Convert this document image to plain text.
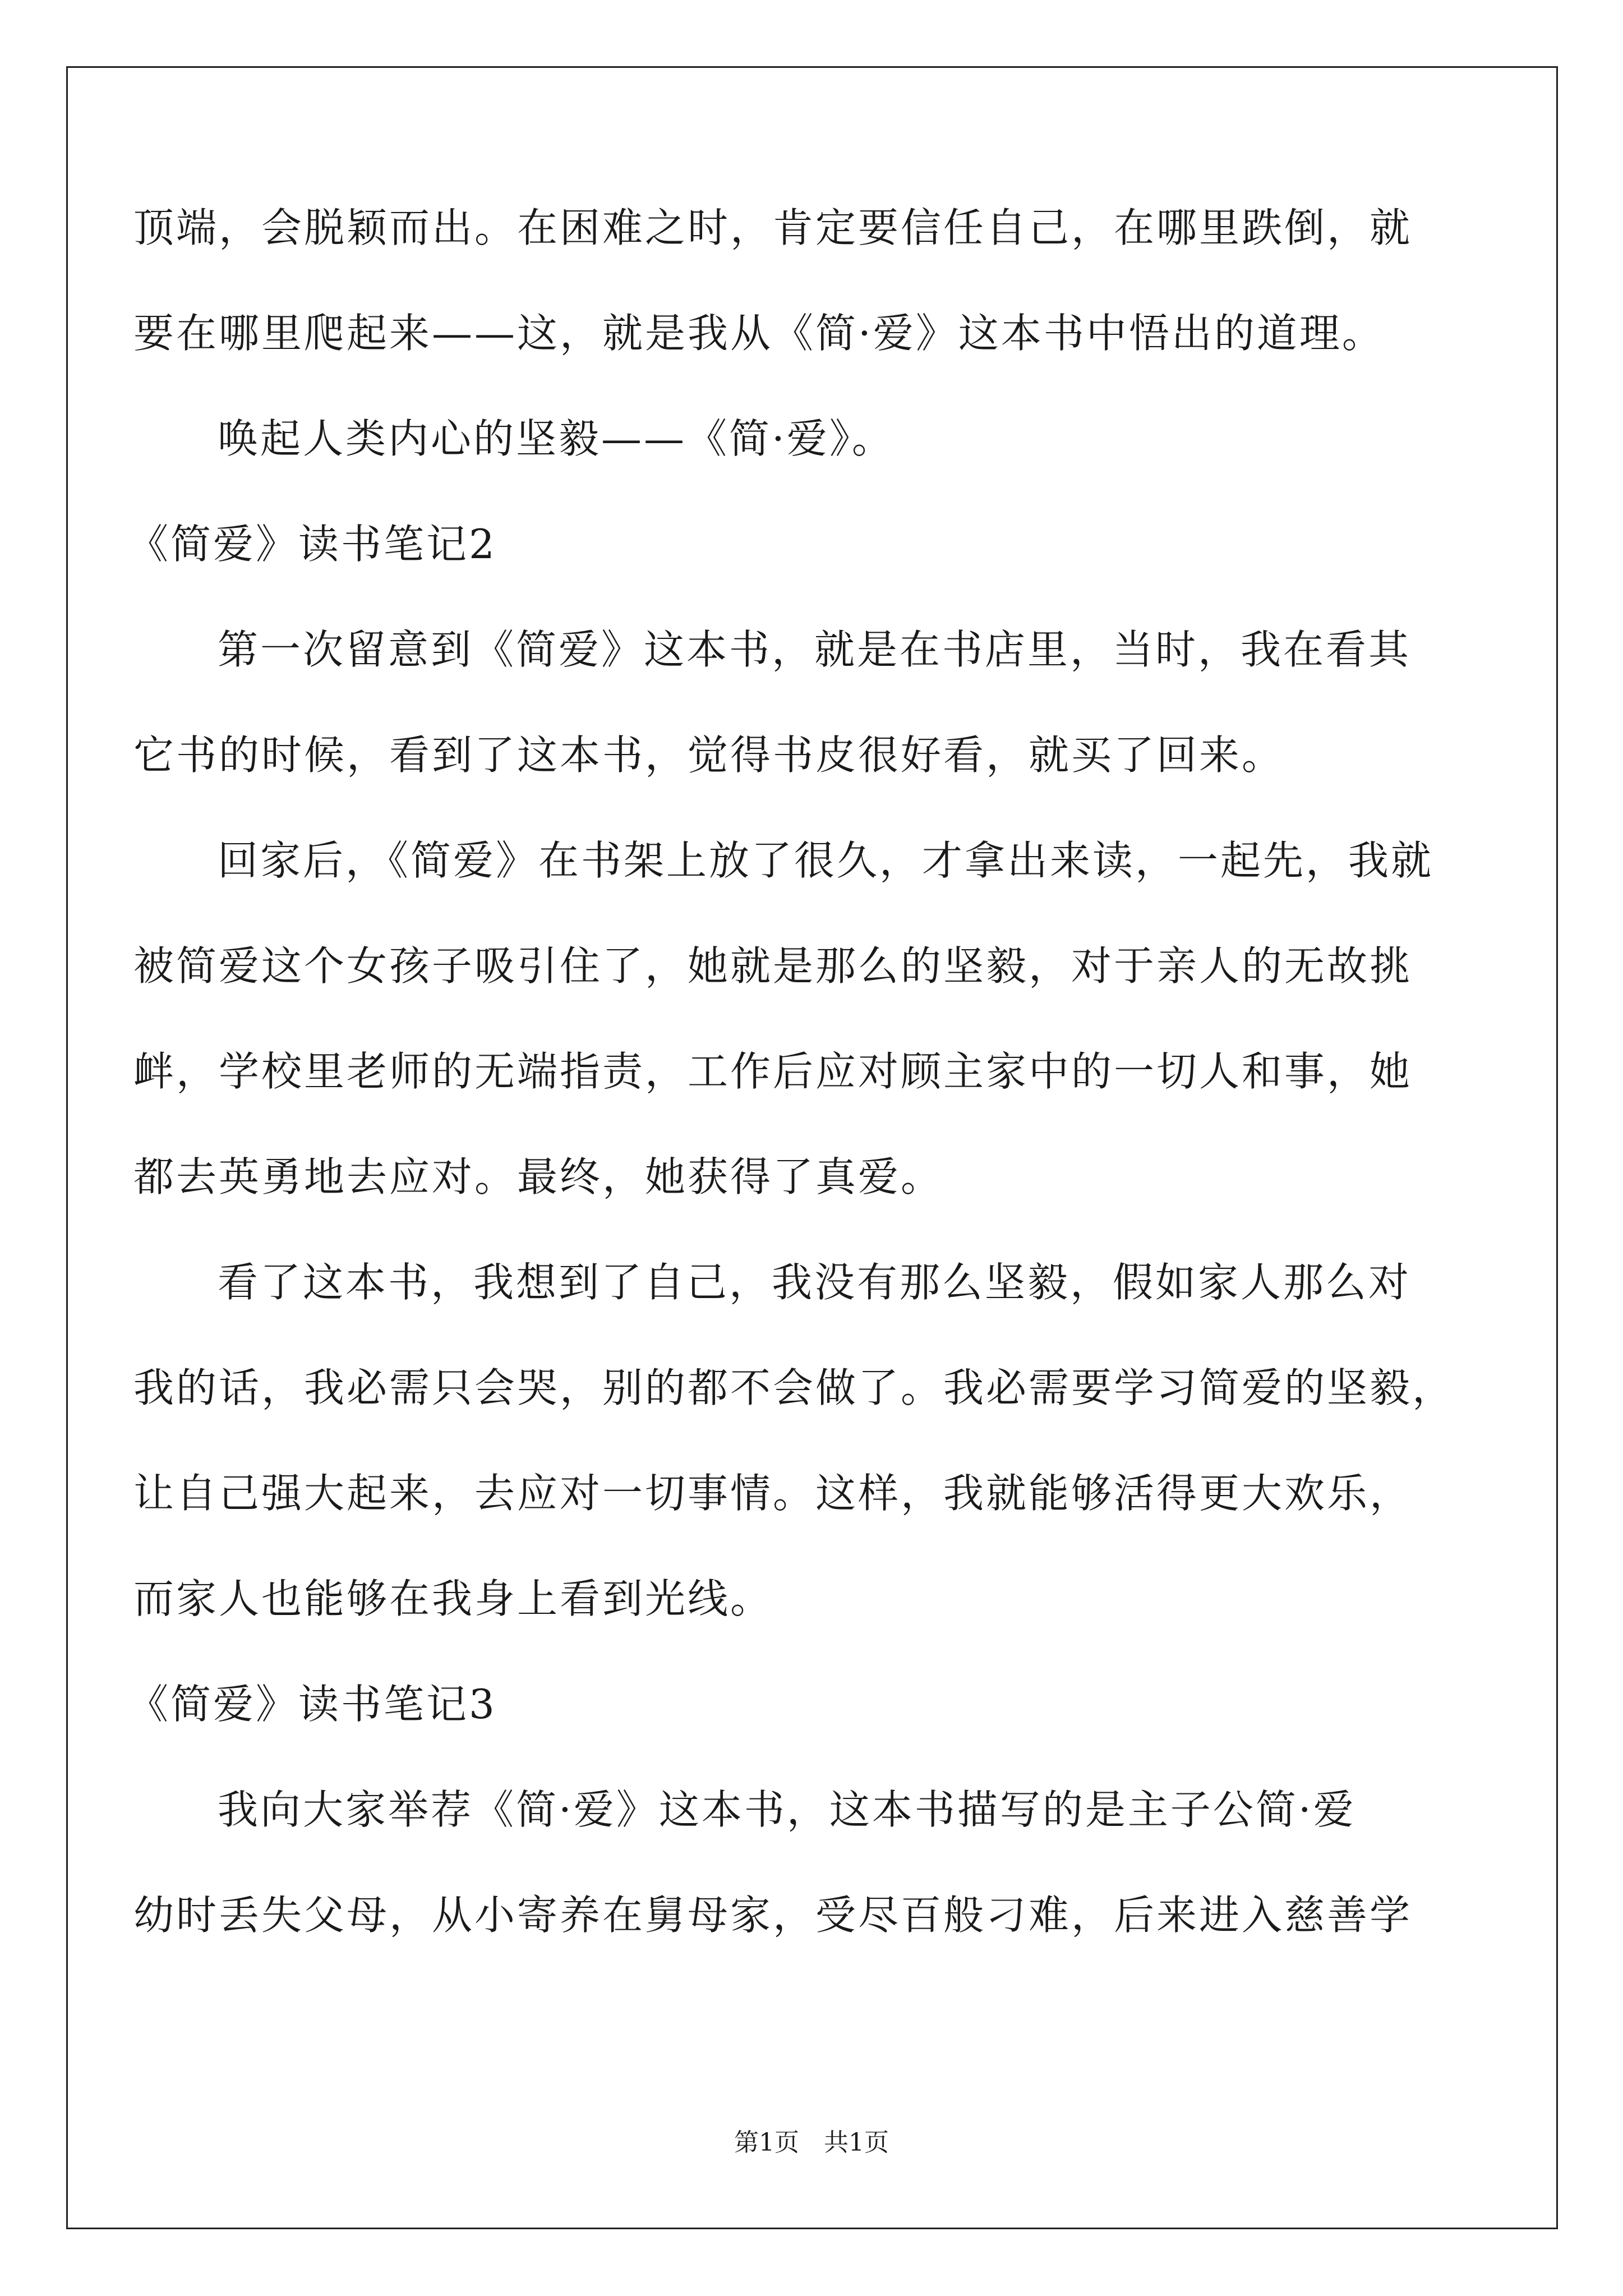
顶端，会脱颖而出。在困难之时，肯定要信任自己，在哪里跌倒，就
要在哪里爬起来——这，就是我从《简·爱》这本书中悟出的道理。
唤起人类内心的坚毅——《简·爱》。
《简爱》读书笔记2
第一次留意到《简爱》这本书，就是在书店里，当时，我在看其
它书的时候，看到了这本书，觉得书皮很好看，就买了回来。
回家后，《简爱》在书架上放了很久，才拿出来读，一起先，我就
被简爱这个女孩子吸引住了，她就是那么的坚毅，对于亲人的无故挑
衅，学校里老师的无端指责，工作后应对顾主家中的一切人和事，她
都去英勇地去应对。最终，她获得了真爱。
看了这本书，我想到了自己，我没有那么坚毅，假如家人那么对
我的话，我必需只会哭，别的都不会做了。我必需要学习简爱的坚毅，
让自己强大起来，去应对一切事情。这样，我就能够活得更大欢乐，
而家人也能够在我身上看到光线。
《简爱》读书笔记3
我向大家举荐《简·爱》这本书，这本书描写的是主子公简·爱
幼时丢失父母，从小寄养在舅母家，受尽百般刁难，后来进入慈善学
第1页　共1页
